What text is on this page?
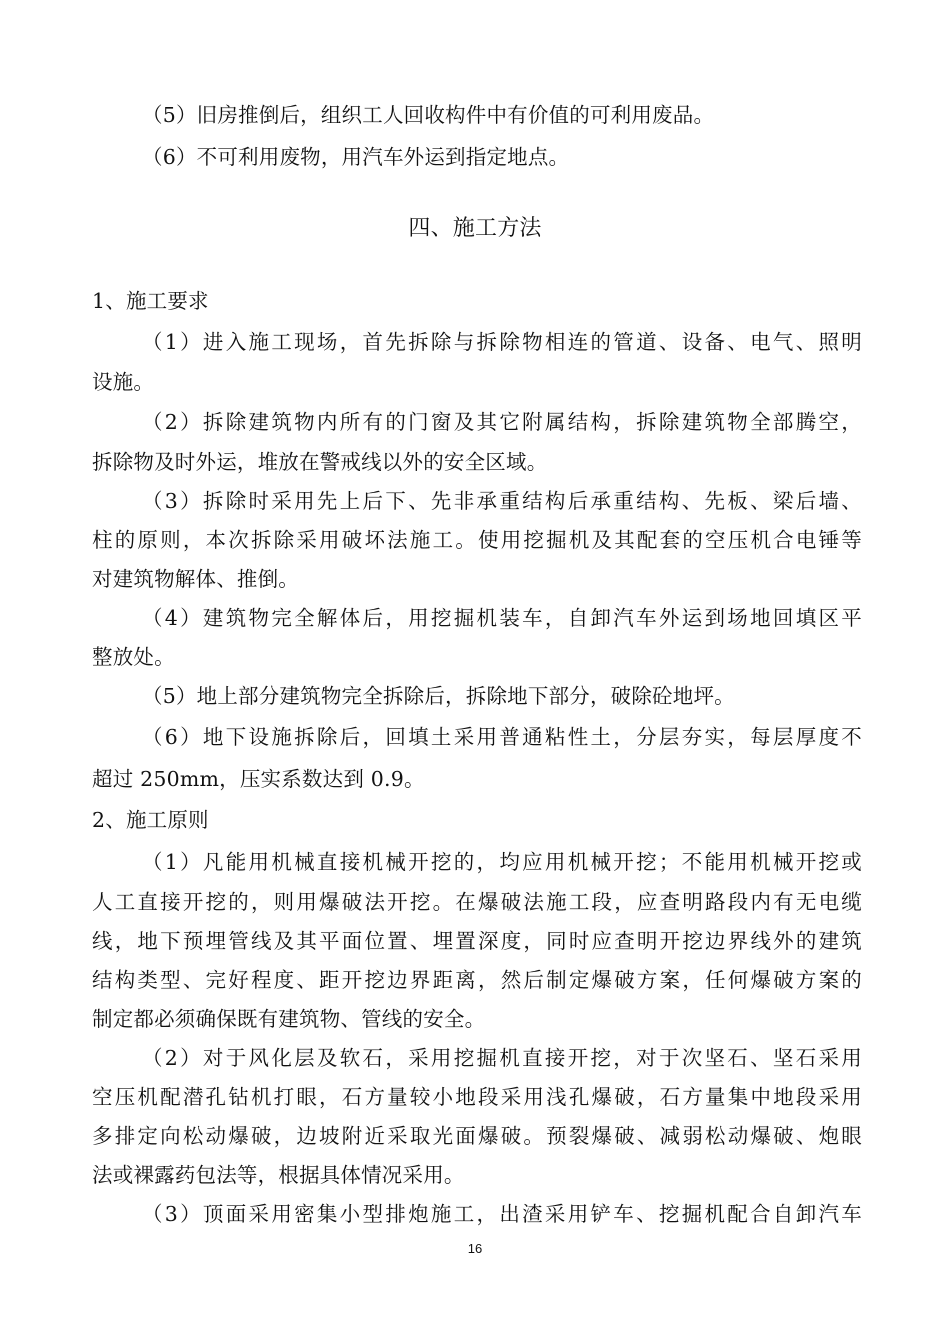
（5）旧房推倒后，组织工人回收构件中有价值的可利用废品。
（6）不可利用废物，用汽车外运到指定地点。
四、施工方法
1、施工要求
（1）进入施工现场，首先拆除与拆除物相连的管道、设备、电气、照明
设施。
（2）拆除建筑物内所有的门窗及其它附属结构，拆除建筑物全部腾空，
拆除物及时外运，堆放在警戒线以外的安全区域。
（3）拆除时采用先上后下、先非承重结构后承重结构、先板、梁后墙、
柱的原则，本次拆除采用破坏法施工。使用挖掘机及其配套的空压机合电锤等
对建筑物解体、推倒。
（4）建筑物完全解体后，用挖掘机装车，自卸汽车外运到场地回填区平
整放处。
（5）地上部分建筑物完全拆除后，拆除地下部分，破除砼地坪。
（6）地下设施拆除后，回填土采用普通粘性土，分层夯实，每层厚度不
超过 250mm，压实系数达到 0.9。
2、施工原则
（1）凡能用机械直接机械开挖的，均应用机械开挖；不能用机械开挖或
人工直接开挖的，则用爆破法开挖。在爆破法施工段，应查明路段内有无电缆
线，地下预埋管线及其平面位置、埋置深度，同时应查明开挖边界线外的建筑
结构类型、完好程度、距开挖边界距离，然后制定爆破方案，任何爆破方案的
制定都必须确保既有建筑物、管线的安全。
（2）对于风化层及软石，采用挖掘机直接开挖，对于次坚石、坚石采用
空压机配潜孔钻机打眼，石方量较小地段采用浅孔爆破，石方量集中地段采用
多排定向松动爆破，边坡附近采取光面爆破。预裂爆破、减弱松动爆破、炮眼
法或裸露药包法等，根据具体情况采用。
（3）顶面采用密集小型排炮施工，出渣采用铲车、挖掘机配合自卸汽车
16
